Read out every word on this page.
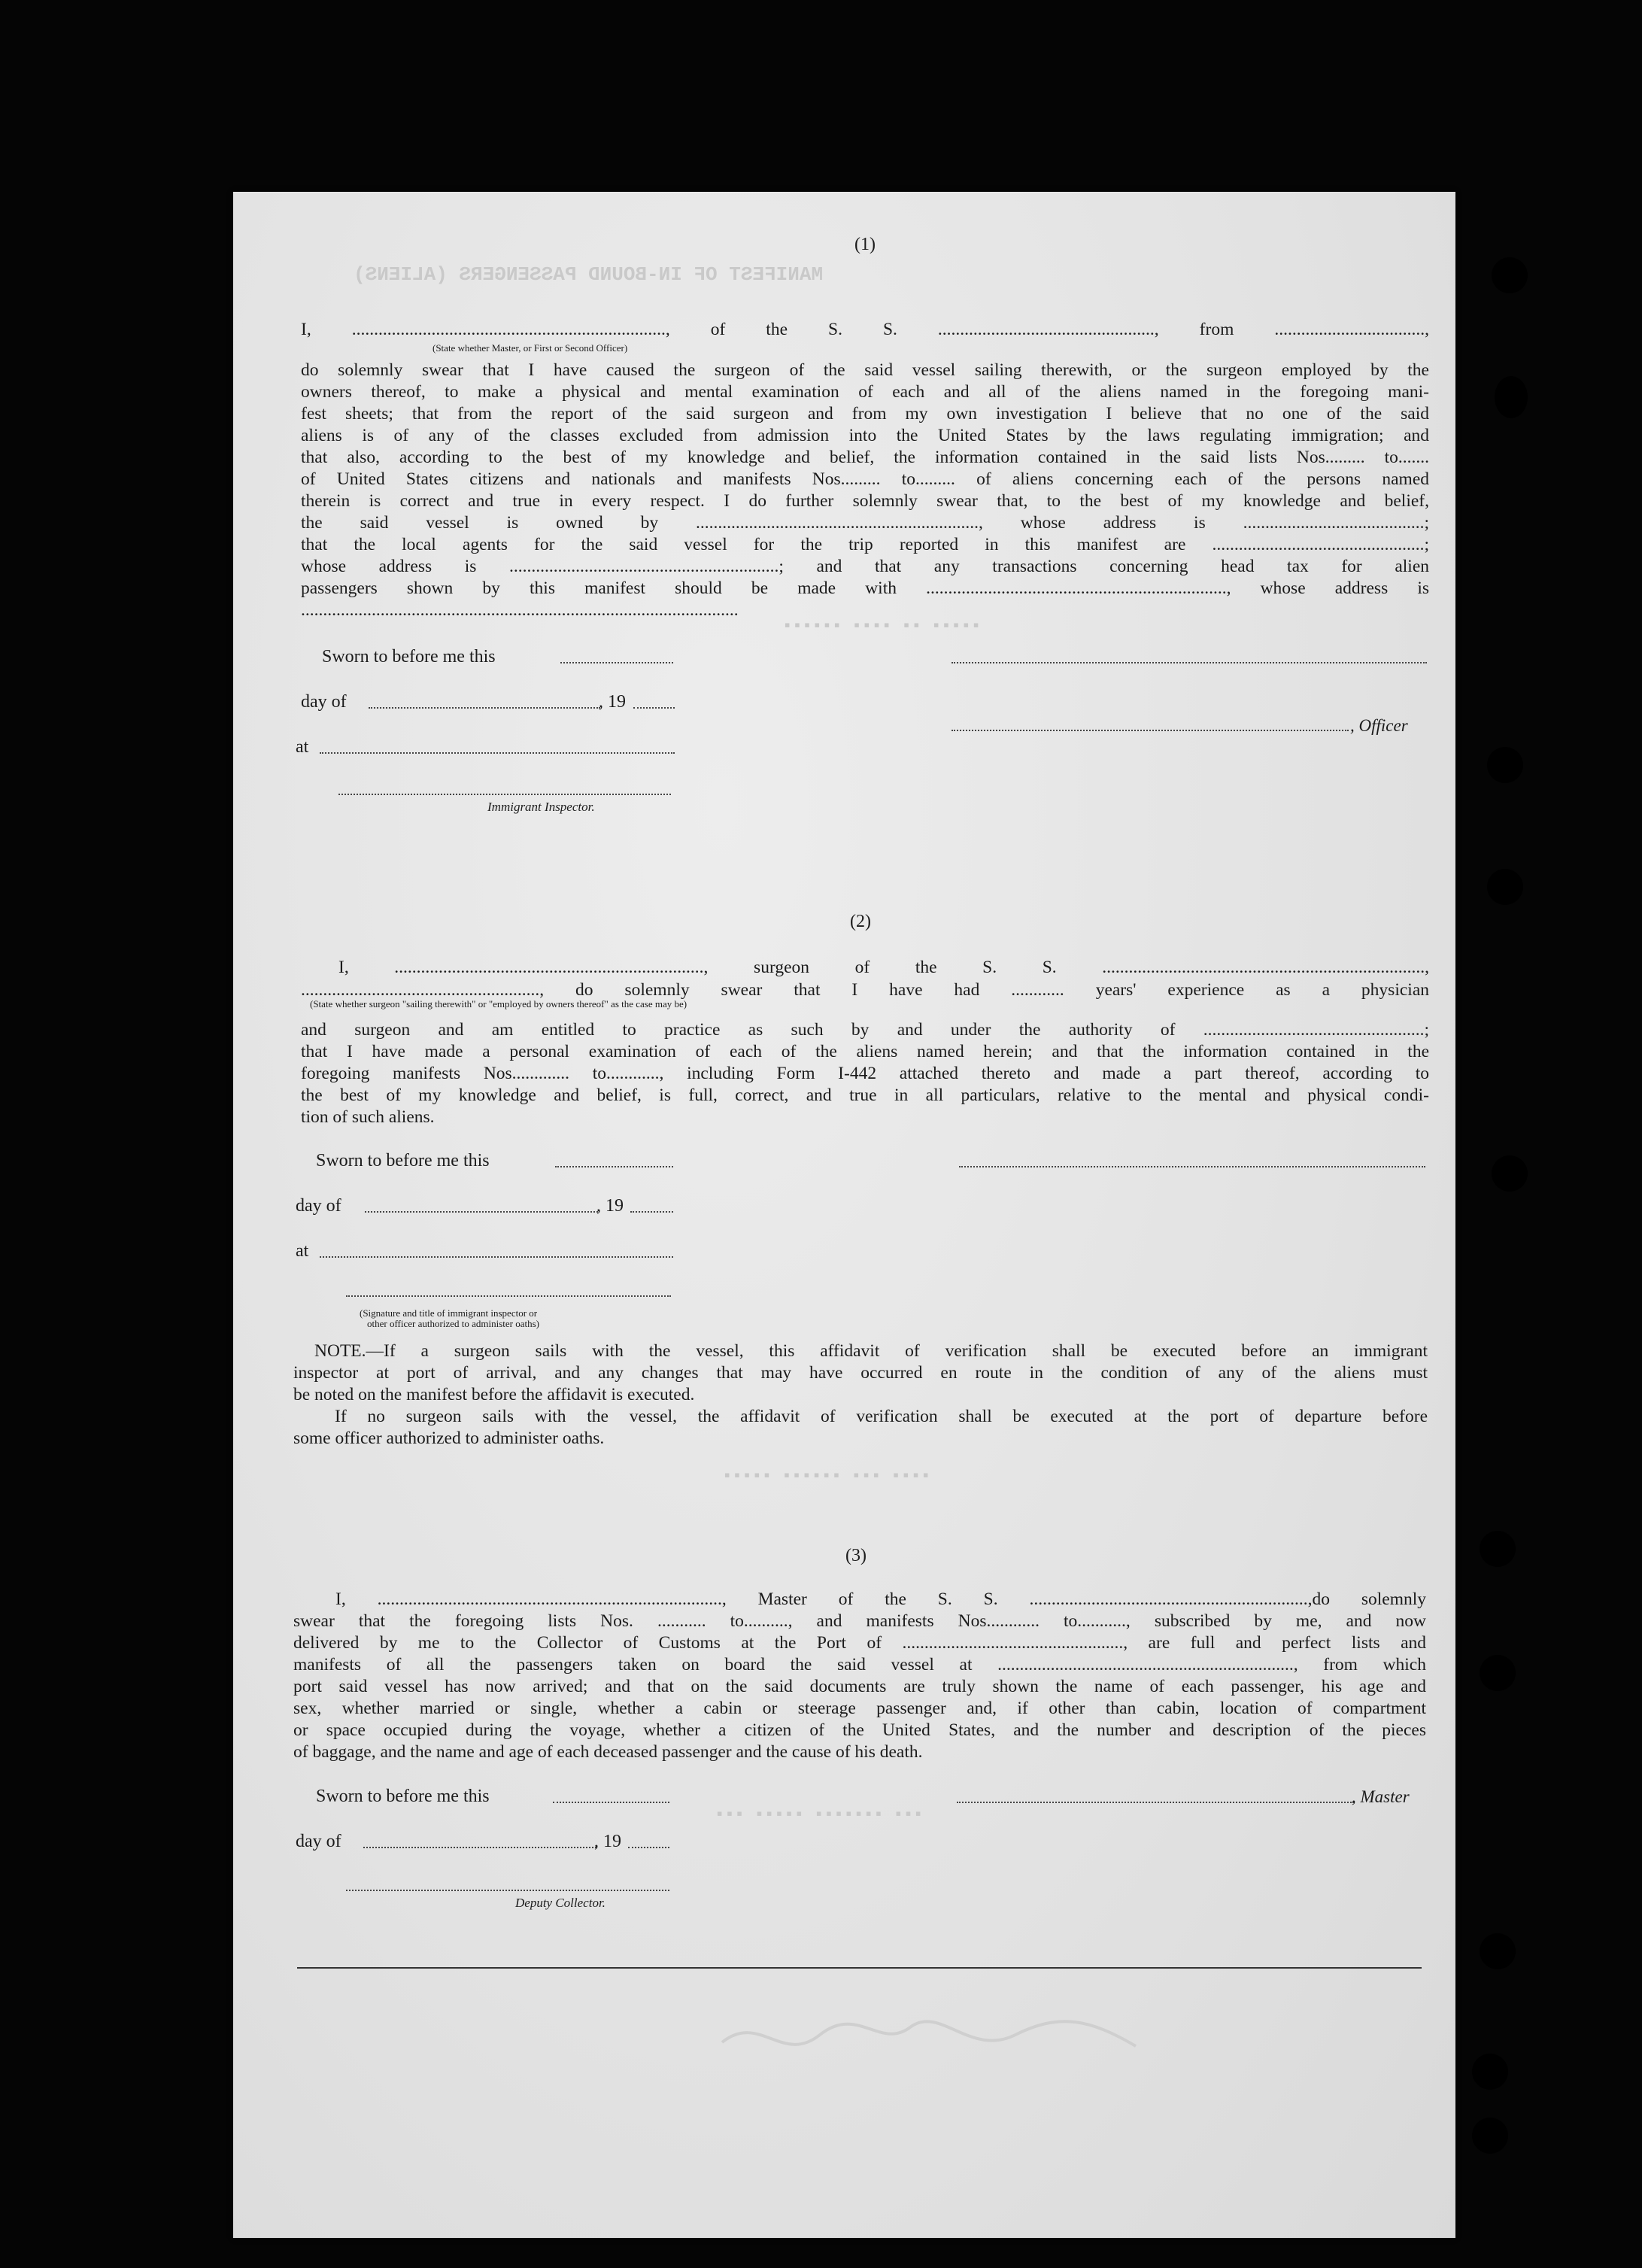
MANIFEST OF IN-BOUND PASSENGERS (ALIENS)
▪▪▪▪▪▪ ▪▪▪▪ ▪▪ ▪▪▪▪▪
▪▪▪▪▪ ▪▪▪▪▪▪ ▪▪▪ ▪▪▪▪
▪▪▪ ▪▪▪▪▪ ▪▪▪▪▪▪▪ ▪▪▪
(1)
I, ......................................................................., of the S. S. ................................................., from ..................................,
(State whether Master, or First or Second Officer)
do solemnly swear that I have caused the surgeon of the said vessel sailing therewith, or the surgeon employed by the
owners thereof, to make a physical and mental examination of each and all of the aliens named in the foregoing mani-
fest sheets; that from the report of the said surgeon and from my own investigation I believe that no one of the said
aliens is of any of the classes excluded from admission into the United States by the laws regulating immigration; and
that also, according to the best of my knowledge and belief, the information contained in the said lists Nos......... to.......
of United States citizens and nationals and manifests Nos......... to......... of aliens concerning each of the persons named
therein is correct and true in every respect. I do further solemnly swear that, to the best of my knowledge and belief,
the said vessel is owned by ................................................................, whose address is .........................................;
that the local agents for the said vessel for the trip reported in this manifest are ................................................;
whose address is .............................................................; and that any transactions concerning head tax for alien
passengers shown by this manifest should be made with ...................................................................., whose address is
...................................................................................................
Sworn to before me this
day of	, 19
, Officer
at
Immigrant Inspector.
(2)
I, ......................................................................, surgeon of the S. S. .........................................................................,
......................................................, do solemnly swear that I have had ............ years' experience as a physician
(State whether surgeon "sailing therewith" or "employed by owners thereof" as the case may be)
and surgeon and am entitled to practice as such by and under the authority of ..................................................;
that I have made a personal examination of each of the aliens named herein; and that the information contained in the
foregoing manifests Nos............. to............, including Form I-442 attached thereto and made a part thereof, according to
the best of my knowledge and belief, is full, correct, and true in all particulars, relative to the mental and physical condi-
tion of such aliens.
Sworn to before me this
day of	, 19
at
(Signature and title of immigrant inspector or
other officer authorized to administer oaths)
NOTE.—If a surgeon sails with the vessel, this affidavit of verification shall be executed before an immigrant
inspector at port of arrival, and any changes that may have occurred en route in the condition of any of the aliens must
be noted on the manifest before the affidavit is executed.
If no surgeon sails with the vessel, the affidavit of verification shall be executed at the port of departure before
some officer authorized to administer oaths.
(3)
I, .............................................................................., Master of the S. S. ...............................................................,do solemnly
swear that the foregoing lists Nos. ........... to.........., and manifests Nos............ to..........., subscribed by me, and now
delivered by me to the Collector of Customs at the Port of .................................................., are full and perfect lists and
manifests of all the passengers taken on board the said vessel at ..................................................................., from which
port said vessel has now arrived; and that on the said documents are truly shown the name of each passenger, his age and
sex, whether married or single, whether a cabin or steerage passenger and, if other than cabin, location of compartment
or space occupied during the voyage, whether a citizen of the United States, and the number and description of the pieces
of baggage, and the name and age of each deceased passenger and the cause of his death.
Sworn to before me this	, Master
day of	, 19
Deputy Collector.
